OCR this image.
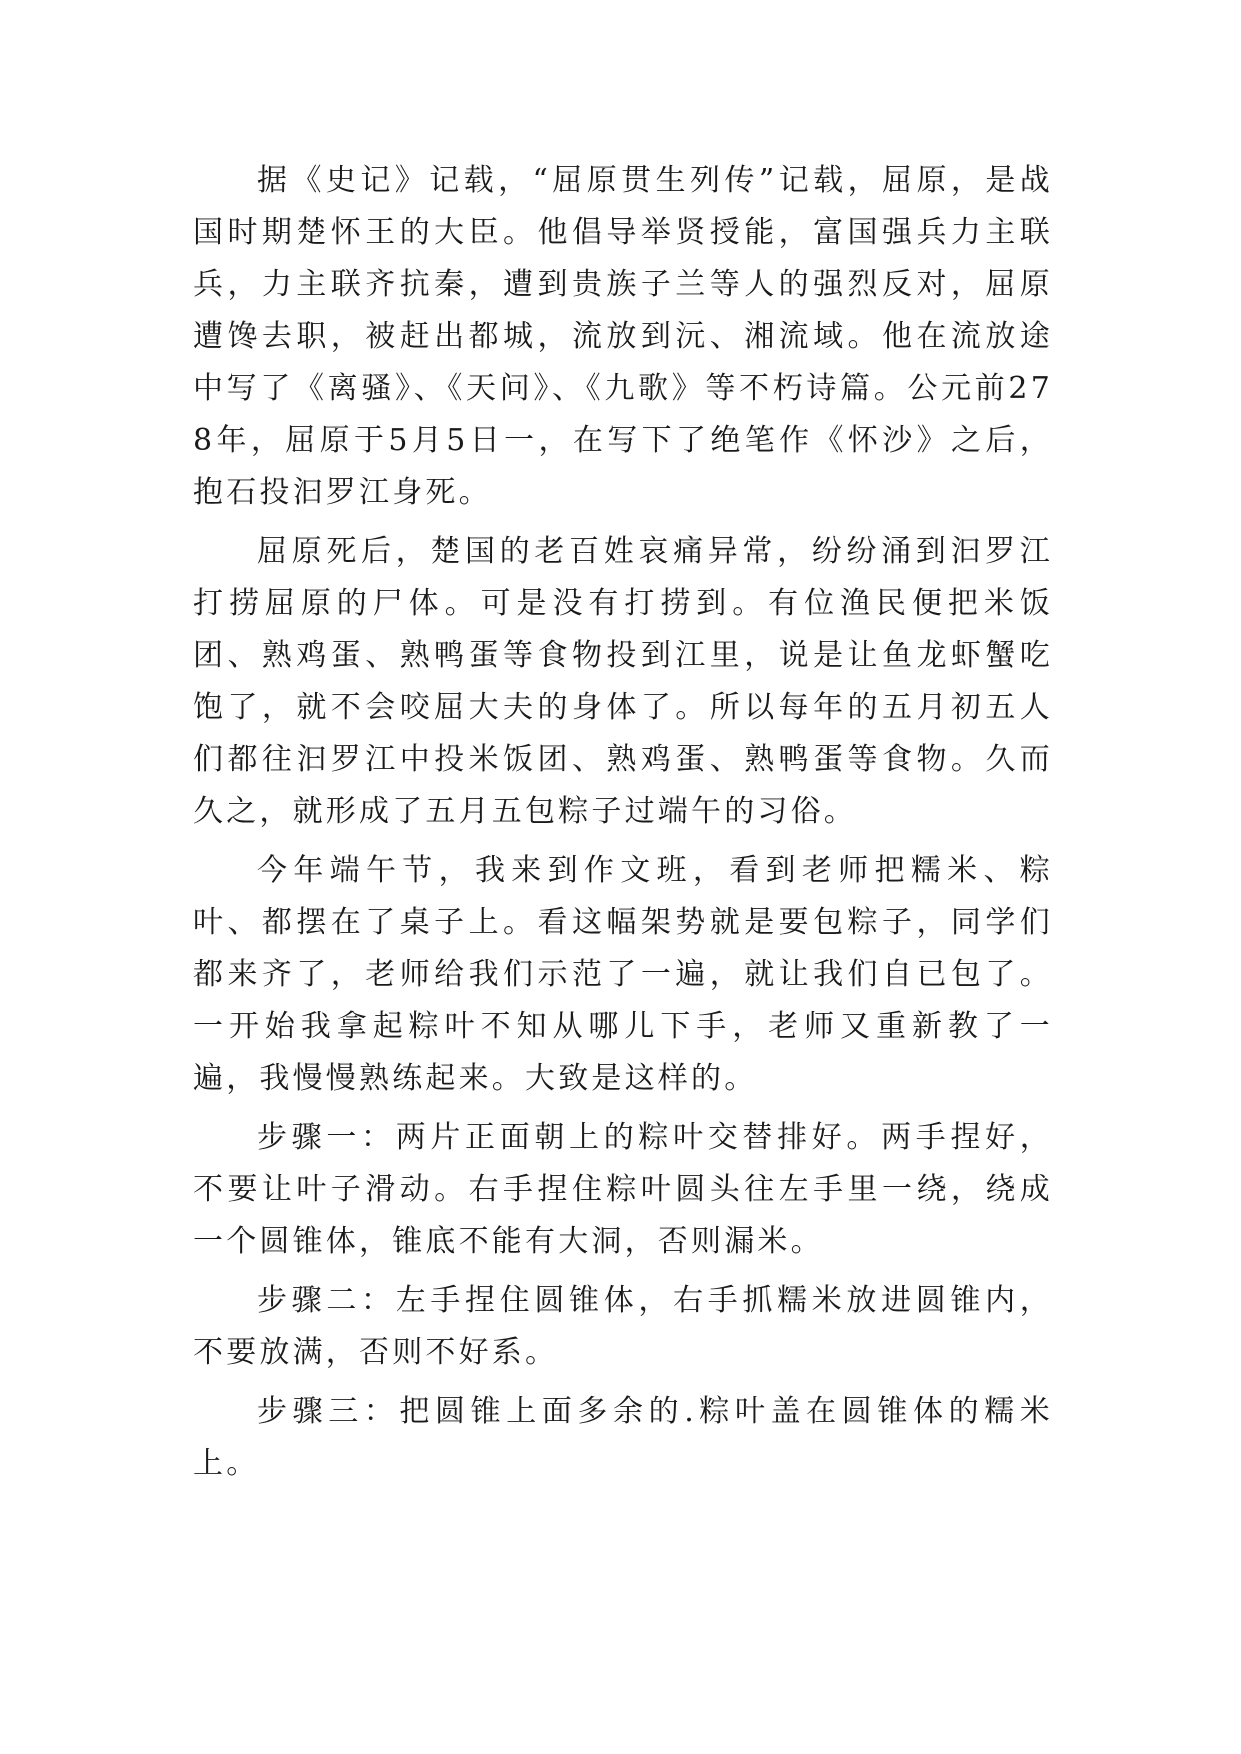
据《史记》记载，“屈原贯生列传”记载，屈原，是战国时期楚怀王的大臣。他倡导举贤授能，富国强兵力主联兵，力主联齐抗秦，遭到贵族子兰等人的强烈反对，屈原遭馋去职，被赶出都城，流放到沅、湘流域。他在流放途中写了《离骚》、《天问》、《九歌》等不朽诗篇。公元前278年，屈原于5月5日一，在写下了绝笔作《怀沙》之后，抱石投汩罗江身死。

屈原死后，楚国的老百姓哀痛异常，纷纷涌到汩罗江打捞屈原的尸体。可是没有打捞到。有位渔民便把米饭团、熟鸡蛋、熟鸭蛋等食物投到江里，说是让鱼龙虾蟹吃饱了，就不会咬屈大夫的身体了。所以每年的五月初五人们都往汩罗江中投米饭团、熟鸡蛋、熟鸭蛋等食物。久而久之，就形成了五月五包粽子过端午的习俗。

今年端午节，我来到作文班，看到老师把糯米、粽叶、都摆在了桌子上。看这幅架势就是要包粽子，同学们都来齐了，老师给我们示范了一遍，就让我们自已包了。一开始我拿起粽叶不知从哪儿下手，老师又重新教了一遍，我慢慢熟练起来。大致是这样的。

步骤一：两片正面朝上的粽叶交替排好。两手捏好，不要让叶子滑动。右手捏住粽叶圆头往左手里一绕，绕成一个圆锥体，锥底不能有大洞，否则漏米。

步骤二：左手捏住圆锥体，右手抓糯米放进圆锥内，不要放满，否则不好系。

步骤三：把圆锥上面多余的.粽叶盖在圆锥体的糯米上。
